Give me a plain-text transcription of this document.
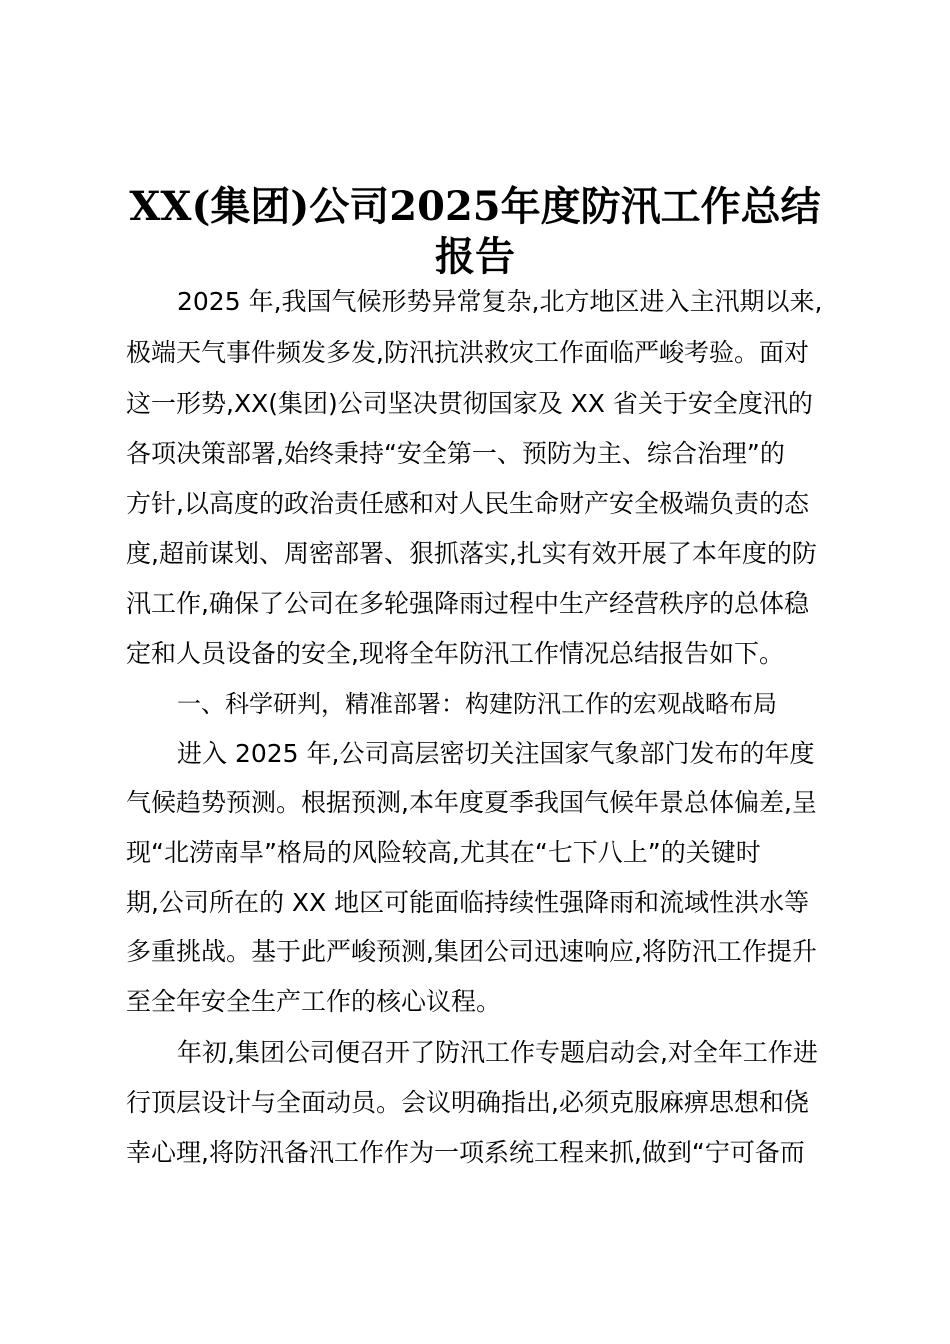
XX(集团)公司2025年度防汛工作总结
报告
2025 年,我国气候形势异常复杂,北方地区进入主汛期以来,
极端天气事件频发多发,防汛抗洪救灾工作面临严峻考验。面对
这一形势,XX(集团)公司坚决贯彻国家及 XX 省关于安全度汛的
各项决策部署,始终秉持“安全第一、预防为主、综合治理”的
方针,以高度的政治责任感和对人民生命财产安全极端负责的态
度,超前谋划、周密部署、狠抓落实,扎实有效开展了本年度的防
汛工作,确保了公司在多轮强降雨过程中生产经营秩序的总体稳
定和人员设备的安全,现将全年防汛工作情况总结报告如下。
一、科学研判，精准部署：构建防汛工作的宏观战略布局
进入 2025 年,公司高层密切关注国家气象部门发布的年度
气候趋势预测。根据预测,本年度夏季我国气候年景总体偏差,呈
现“北涝南旱”格局的风险较高,尤其在“七下八上”的关键时
期,公司所在的 XX 地区可能面临持续性强降雨和流域性洪水等
多重挑战。基于此严峻预测,集团公司迅速响应,将防汛工作提升
至全年安全生产工作的核心议程。
年初,集团公司便召开了防汛工作专题启动会,对全年工作进
行顶层设计与全面动员。会议明确指出,必须克服麻痹思想和侥
幸心理,将防汛备汛工作作为一项系统工程来抓,做到“宁可备而
